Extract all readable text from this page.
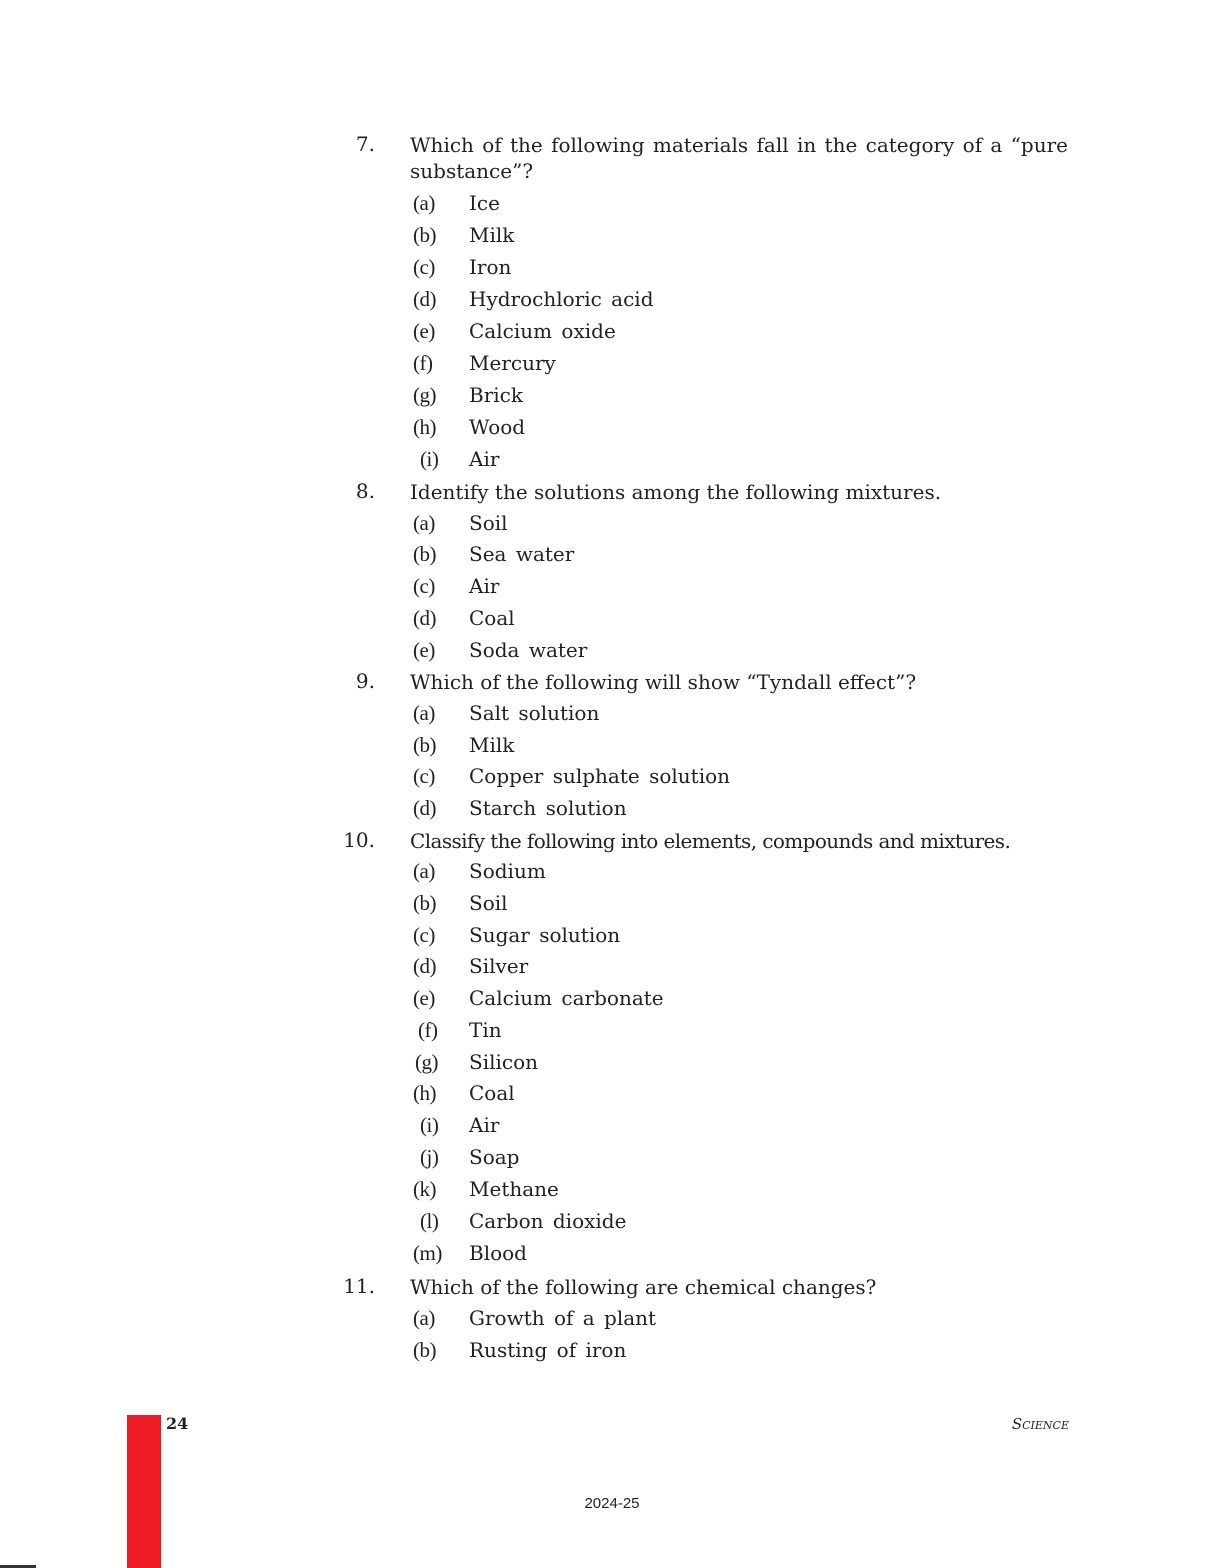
7. Which of the following materials fall in the category of a “pure substance”?
(a) Ice
(b) Milk
(c) Iron
(d) Hydrochloric acid
(e) Calcium oxide
(f) Mercury
(g) Brick
(h) Wood
(i) Air
8. Identify the solutions among the following mixtures.
(a) Soil
(b) Sea water
(c) Air
(d) Coal
(e) Soda water
9. Which of the following will show “Tyndall effect”?
(a) Salt solution
(b) Milk
(c) Copper sulphate solution
(d) Starch solution
10. Classify the following into elements, compounds and mixtures.
(a) Sodium
(b) Soil
(c) Sugar solution
(d) Silver
(e) Calcium carbonate
(f) Tin
(g) Silicon
(h) Coal
(i) Air
(j) Soap
(k) Methane
(l) Carbon dioxide
(m) Blood
11. Which of the following are chemical changes?
(a) Growth of a plant
(b) Rusting of iron
24	Science
2024-25
